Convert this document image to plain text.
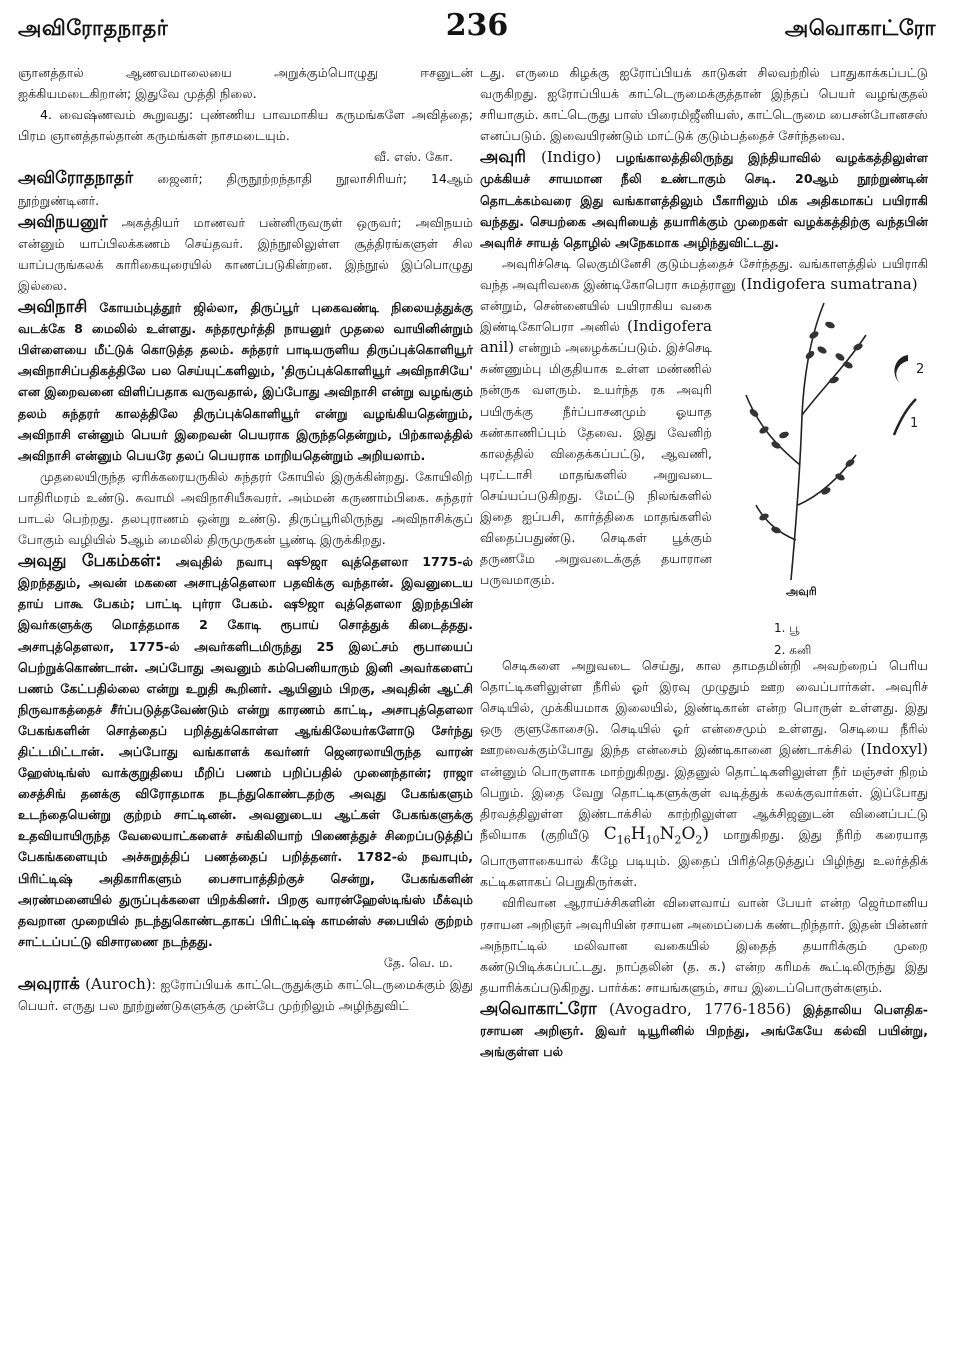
அவிரோதநாதர்	236	அவொகாட்ரோ

ஞானத்தால் ஆணவமாலையை அறுக்கும்பொழுது ஈசனுடன் ஐக்கியமடைகிறான்; இதுவே முத்தி நிலை.

4. வைஷ்ணவம் கூறுவது: புண்ணிய பாவமாகிய கருமங்களே அவித்தை; பிரம ஞானத்தால்தான் கருமங்கள் நாசமடையும்.

வீ. எஸ். கோ.

அவிரோதநாதர் ஜைனர்; திருநூற்றந்தாதி நூலாசிரியர்; 14ஆம் நூற்றுண்டினர்.

அவிநயனுர் அகத்தியர் மாணவர் பன்னிருவருள் ஒருவர்; அவிநயம் என்னும் யாப்பிலக்கணம் செய்தவர். இந்நூலிலுள்ள சூத்திரங்களுள் சில யாப்பருங்கலக் காரிகையுரையில் காணப்படுகின்றன. இந்நூல் இப்பொழுது இல்லை.

அவிநாசி கோயம்புத்தூர் ஜில்லா, திருப்பூர் புகைவண்டி நிலையத்துக்கு வடக்கே 8 மைலில் உள்ளது. சுந்தரமூர்த்தி நாயனுர் முதலை வாயினின்றும் பிள்ளையை மீட்டுக் கொடுத்த தலம். சுந்தரர் பாடியருளிய திருப்புக்கொளியூர் அவிநாசிப்பதிகத்திலே பல செய்யுட்களிலும், 'திருப்புக்கொளியூர் அவிநாசியே' என இறைவனை விளிப்பதாக வருவதால், இப்போது அவிநாசி என்று வழங்கும் தலம் சுந்தரர் காலத்திலே திருப்புக்கொளியூர் என்று வழங்கியதென்றும், அவிநாசி என்னும் பெயர் இறைவன் பெயராக இருந்ததென்றும், பிற்காலத்தில் அவிநாசி என்னும் பெயரே தலப் பெயராக மாறியதென்றும் அறியலாம்.

முதலையிருந்த ஏரிக்கரையருகில் சுந்தரர் கோயில் இருக்கின்றது. கோயிலிற் பாதிரிமரம் உண்டு. சுவாமி அவிநாசியீசுவரர். அம்மன் கருணாம்பிகை. சுந்தரர் பாடல் பெற்றது. தலபுராணம் ஒன்று உண்டு. திருப்பூரிலிருந்து அவிநாசிக்குப் போகும் வழியில் 5ஆம் மைலில் திருமுருகன் பூண்டி இருக்கிறது.

அவுது பேகம்கள்: அவுதில் நவாபு ஷூஜா வுத்தௌலா 1775-ல் இறந்ததும், அவன் மகனை அசாபுத்தௌலா பதவிக்கு வந்தான். இவனுடைய தாய் பாகூ பேகம்; பாட்டி புர்ரா பேகம். ஷூஜா வுத்தௌலா இறந்தபின் இவர்களுக்கு மொத்தமாக 2 கோடி ரூபாய் சொத்துக் கிடைத்தது. அசாபுத்தௌலா, 1775-ல் அவர்களிடமிருந்து 25 இலட்சம் ரூபாயைப் பெற்றுக்கொண்டான். அப்போது அவனும் கம்பெனியாரும் இனி அவர்களைப் பணம் கேட்பதில்லை என்று உறுதி கூறினர். ஆயினும் பிறகு, அவுதின் ஆட்சி நிருவாகத்தைச் சீர்ப்படுத்தவேண்டும் என்று காரணம் காட்டி, அசாபுத்தௌலா பேகங்களின் சொத்தைப் பறித்துக்கொள்ள ஆங்கிலேயர்களோடு சேர்ந்து திட்டமிட்டான். அப்போது வங்காளக் கவர்னர் ஜெனரலாயிருந்த வாரன் ஹேஸ்டிங்ஸ் வாக்குறுதியை மீறிப் பணம் பறிப்பதில் முனைந்தான்; ராஜா சைத்சிங் தனக்கு விரோதமாக நடந்துகொண்டதற்கு அவுது பேகங்களும் உடந்தையென்று குற்றம் சாட்டினன். அவனுடைய ஆட்கள் பேகங்களுக்கு உதவியாயிருந்த வேலையாட்களைச் சங்கிலியாற் பிணைத்துச் சிறைப்படுத்திப் பேகங்களையும் அச்சுறுத்திப் பணத்தைப் பறித்தனர். 1782-ல் நவாபும், பிரிட்டிஷ் அதிகாரிகளும் பைசாபாத்திற்குச் சென்று, பேகங்களின் அரண்மனையில் துருப்புக்களை யிறக்கினர். பிறகு வாரன்ஹேஸ்டிங்ஸ் மீக்வும் தவறான முறையில் நடந்துகொண்டதாகப் பிரிட்டிஷ் காமன்ஸ் சபையில் குற்றம் சாட்டப்பட்டு விசாரணை நடந்தது.

தே. வெ. ம.

அவுராக் (Auroch): ஐரோப்பியக் காட்டெருதுக்கும் காட்டெருமைக்கும் இது பெயர். எருது பல நூற்றுண்டுகளுக்கு முன்பே முற்றிலும் அழிந்துவிட்

டது. எருமை கிழக்கு ஐரோப்பியக் காடுகள் சிலவற்றில் பாதுகாக்கப்பட்டு வருகிறது. ஐரோப்பியக் காட்டெருமைக்குத்தான் இந்தப் பெயர் வழங்குதல் சரியாகும். காட்டெருது பாஸ் பிரைமிஜீனியஸ், காட்டெருமை பைசன்போனசஸ் எனப்படும். இவையிரண்டும் மாட்டுக் குடும்பத்தைச் சேர்ந்தவை.

அவுரி (Indigo) பழங்காலத்திலிருந்து இந்தியாவில் வழக்கத்திலுள்ள முக்கியச் சாயமான நீலி உண்டாகும் செடி. 20ஆம் நூற்றுண்டின் தொடக்கம்வரை இது வங்காளத்திலும் பீகாரிலும் மிக அதிகமாகப் பயிராகி வந்தது. செயற்கை அவுரியைத் தயாரிக்கும் முறைகள் வழக்கத்திற்கு வந்தபின் அவுரிச் சாயத் தொழில் அநேகமாக அழிந்துவிட்டது.

அவுரிச்செடி லெகுமினேசி குடும்பத்தைச் சேர்ந்தது. வங்காளத்தில் பயிராகி வந்த அவுரிவகை இண்டிகோபெரா சுமத்ரானு (Indigofera sumatrana)

என்றும், சென்னையில் பயிராகிய வகை இண்டிகோபெரா அனில் (Indigofera anil) என்றும் அழைக்கப்படும். இச்செடி சுண்ணும்பு மிகுதியாக உள்ள மண்ணில் நன்ருக வளரும். உயர்ந்த ரக அவுரி பயிருக்கு நீர்ப்பாசனமும் ஓயாத கண்காணிப்பும் தேவை. இது வேனிற் காலத்தில் விதைக்கப்பட்டு, ஆவணி, புரட்டாசி மாதங்களில் அறுவடை செய்யப்படுகிறது. மேட்டு நிலங்களில் இதை ஐப்பசி, கார்த்திகை மாதங்களில் விதைப்பதுண்டு. செடிகள் பூக்கும் தருணமே அறுவடைக்குத் தயாரான பருவமாகும்.

2
1
அவுரி
1. பூ
2. கனி

செடிகளை அறுவடை செய்து, கால தாமதமின்றி அவற்றைப் பெரிய தொட்டிகளிலுள்ள நீரில் ஓர் இரவு முழுதும் ஊற வைப்பார்கள். அவுரிச் செடியில், முக்கியமாக இலையில், இண்டிகான் என்ற பொருள் உள்ளது. இது ஒரு குளுகோசைடு. செடியில் ஓர் என்சைமும் உள்ளது. செடியை நீரில் ஊறவைக்கும்போது இந்த என்சைம் இண்டிகானை இண்டாக்சில் (Indoxyl) என்னும் பொருளாக மாற்றுகிறது. இதனுல் தொட்டிகளிலுள்ள நீர் மஞ்சள் நிறம் பெறும். இதை வேறு தொட்டிகளுக்குள் வடித்துக் கலக்குவார்கள். இப்போது திரவத்திலுள்ள இண்டாக்சில் காற்றிலுள்ள ஆக்சிஜனுடன் வினைப்பட்டு நீலியாக (குறியீடு $C_{16}H_{10}N_2O_2$) மாறுகிறது. இது நீரிற் கரையாத பொருளாகையால் கீழே படியும். இதைப் பிரித்தெடுத்துப் பிழிந்து உலர்த்திக் கட்டிகளாகப் பெறுகிருர்கள்.

விரிவான ஆராய்ச்சிகளின் விளைவாய் வான் பேயர் என்ற ஜெர்மானிய ரசாயன அறிஞர் அவுரியின் ரசாயன அமைப்பைக் கண்டறிந்தார். இதன் பின்னர் அந்நாட்டில் மலிவான வகையில் இதைத் தயாரிக்கும் முறை கண்டுபிடிக்கப்பட்டது. நாப்தலின் (த. க.) என்ற கரிமக் கூட்டிலிருந்து இது தயாரிக்கப்படுகிறது. பார்க்க: சாயங்களும், சாய இடைப்பொருள்களும்.

அவொகாட்ரோ (Avogadro, 1776-1856) இத்தாலிய பௌதிக-ரசாயன அறிஞர். இவர் டியூரினில் பிறந்து, அங்கேயே கல்வி பயின்று, அங்குள்ள பல்
